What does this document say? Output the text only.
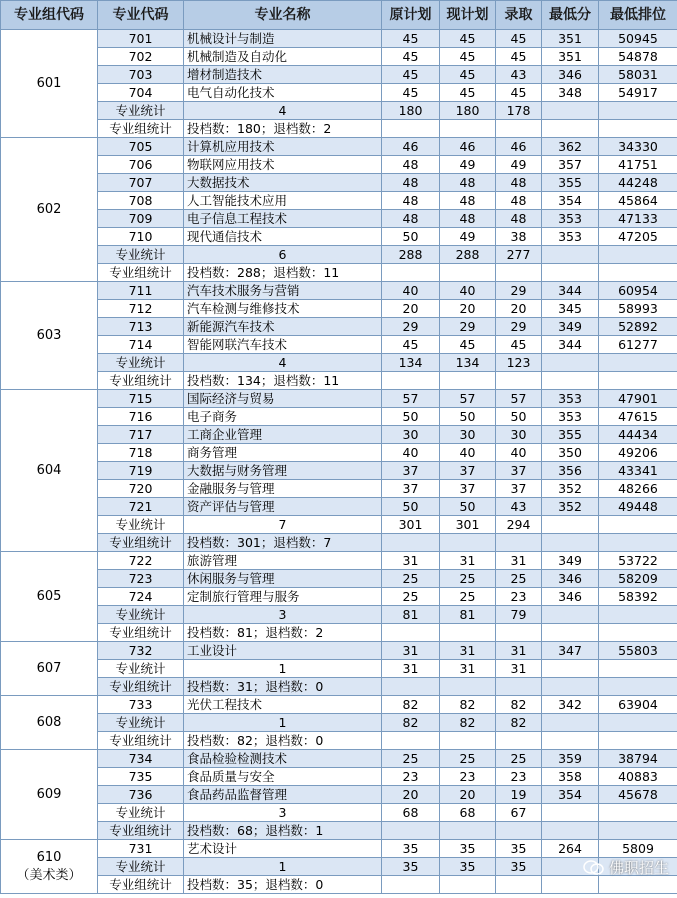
专业组代码	专业代码	专业名称	原计划	现计划	录取	最低分	最低排位

601	701	机械设计与制造	45	45	45	351	50945
	702	机械制造及自动化	45	45	45	351	54878
	703	增材制造技术	45	45	43	346	58031
	704	电气自动化技术	45	45	45	348	54917
	专业统计	4	180	180	178		
	专业组统计	投档数：180；退档数：2					

602	705	计算机应用技术	46	46	46	362	34330
	706	物联网应用技术	48	49	49	357	41751
	707	大数据技术	48	48	48	355	44248
	708	人工智能技术应用	48	48	48	354	45864
	709	电子信息工程技术	48	48	48	353	47133
	710	现代通信技术	50	49	38	353	47205
	专业统计	6	288	288	277		
	专业组统计	投档数：288；退档数：11					

603	711	汽车技术服务与营销	40	40	29	344	60954
	712	汽车检测与维修技术	20	20	20	345	58993
	713	新能源汽车技术	29	29	29	349	52892
	714	智能网联汽车技术	45	45	45	344	61277
	专业统计	4	134	134	123		
	专业组统计	投档数：134；退档数：11					

604	715	国际经济与贸易	57	57	57	353	47901
	716	电子商务	50	50	50	353	47615
	717	工商企业管理	30	30	30	355	44434
	718	商务管理	40	40	40	350	49206
	719	大数据与财务管理	37	37	37	356	43341
	720	金融服务与管理	37	37	37	352	48266
	721	资产评估与管理	50	50	43	352	49448
	专业统计	7	301	301	294		
	专业组统计	投档数：301；退档数：7					

605	722	旅游管理	31	31	31	349	53722
	723	休闲服务与管理	25	25	25	346	58209
	724	定制旅行管理与服务	25	25	23	346	58392
	专业统计	3	81	81	79		
	专业组统计	投档数：81；退档数：2					

607	732	工业设计	31	31	31	347	55803
	专业统计	1	31	31	31		
	专业组统计	投档数：31；退档数：0					

608	733	光伏工程技术	82	82	82	342	63904
	专业统计	1	82	82	82		
	专业组统计	投档数：82；退档数：0					

609	734	食品检验检测技术	25	25	25	359	38794
	735	食品质量与安全	23	23	23	358	40883
	736	食品药品监督管理	20	20	19	354	45678
	专业统计	3	68	68	67		
	专业组统计	投档数：68；退档数：1					

610
（美术类）	731	艺术设计	35	35	35	264	5809
	专业统计	1	35	35	35		
	专业组统计	投档数：35；退档数：0					
佛职招生
